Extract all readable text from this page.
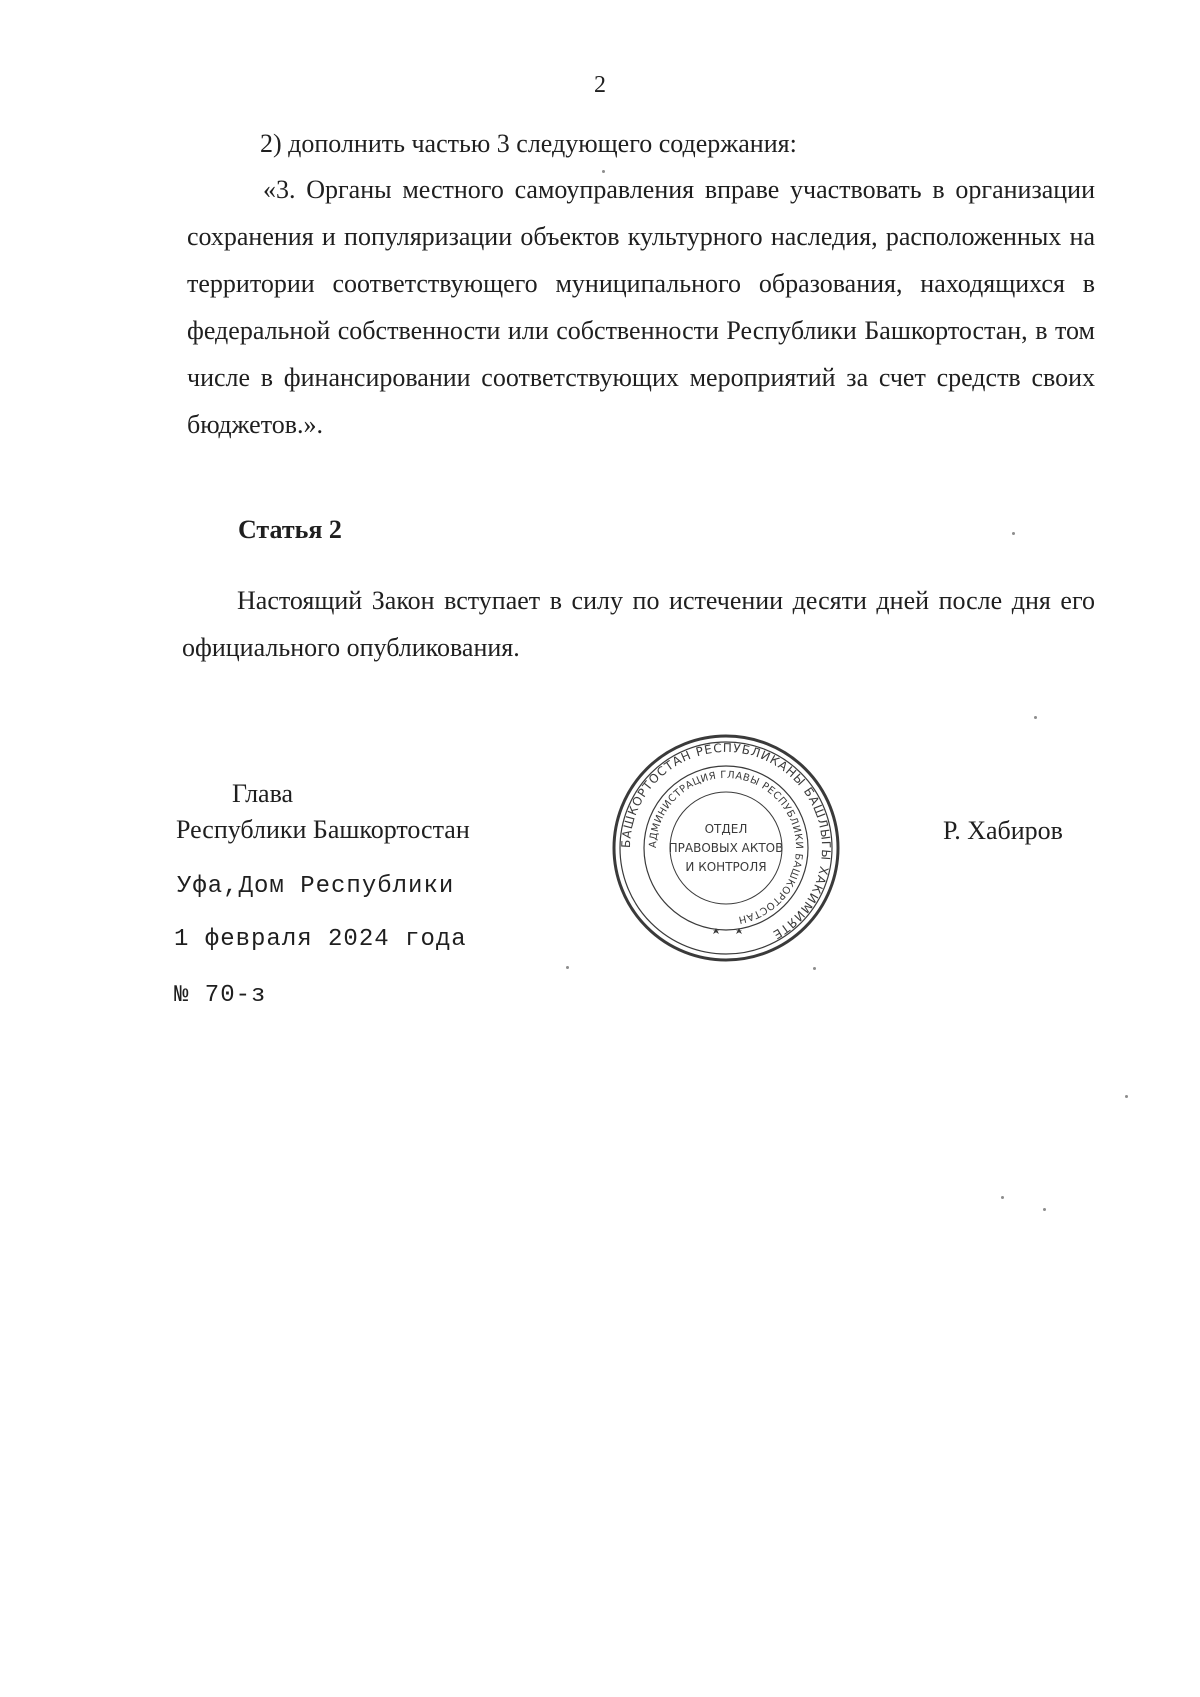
2
2) дополнить частью 3 следующего содержания:
«3. Органы местного самоуправления вправе участвовать в организации сохранения и популяризации объектов культурного наследия, расположенных на территории соответствующего муниципального образования, находящихся в федеральной собственности или собственности Республики Башкортостан, в том числе в финансировании соответствующих мероприятий за счет средств своих бюджетов.».
Статья 2
Настоящий Закон вступает в силу по истечении десяти дней после дня его официального опубликования.
Глава
Республики Башкортостан	Р. Хабиров
Уфа,Дом Республики
1 февраля 2024 года
№ 70-з
БАШКОРТОСТАН РЕСПУБЛИКАНЫ БАШЛЫГЫ ХАКИМИЯТЕ
АДМИНИСТРАЦИЯ ГЛАВЫ РЕСПУБЛИКИ БАШКОРТОСТАН
ОТДЕЛ
ПРАВОВЫХ АКТОВ
И КОНТРОЛЯ
